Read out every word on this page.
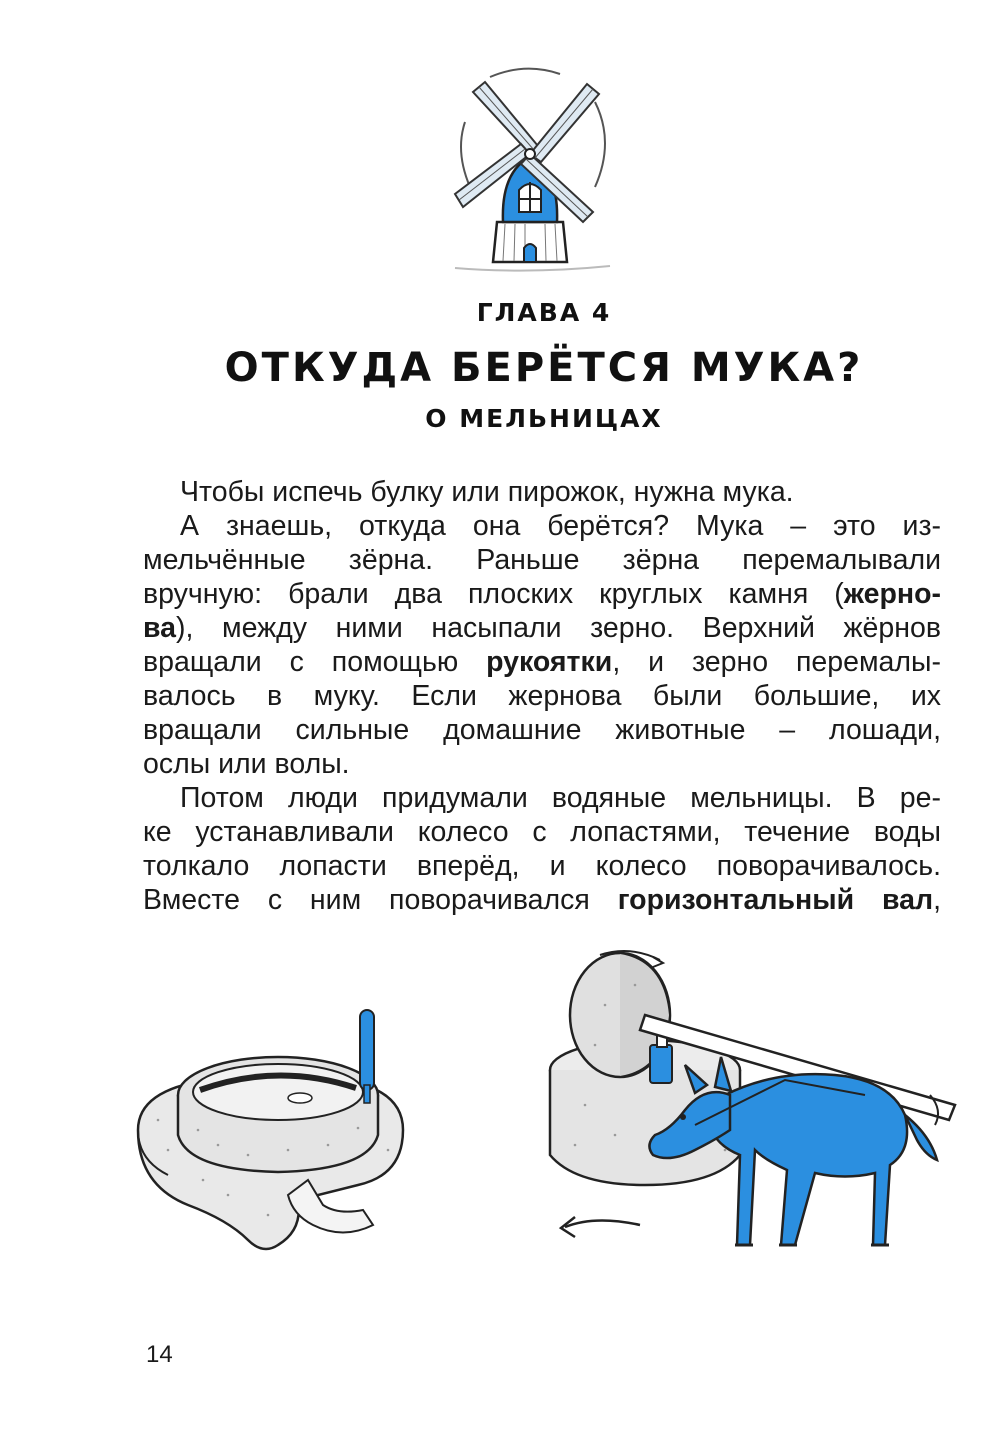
ГЛАВА 4
ОТКУДА БЕРЁТСЯ МУКА?
О МЕЛЬНИЦАХ
Чтобы испечь булку или пирожок, нужна мука.
А знаешь, откуда она берётся? Мука – это из-
мельчённые зёрна. Раньше зёрна перемалывали
вручную: брали два плоских круглых камня (жерно-
ва), между ними насыпали зерно. Верхний жёрнов
вращали с помощью рукоятки, и зерно перемалы-
валось в муку. Если жернова были большие, их
вращали сильные домашние животные – лошади,
ослы или волы.
Потом люди придумали водяные мельницы. В ре-
ке устанавливали колесо с лопастями, течение воды
толкало лопасти вперёд, и колесо поворачивалось.
Вместе с ним поворачивался горизонтальный вал,
14
